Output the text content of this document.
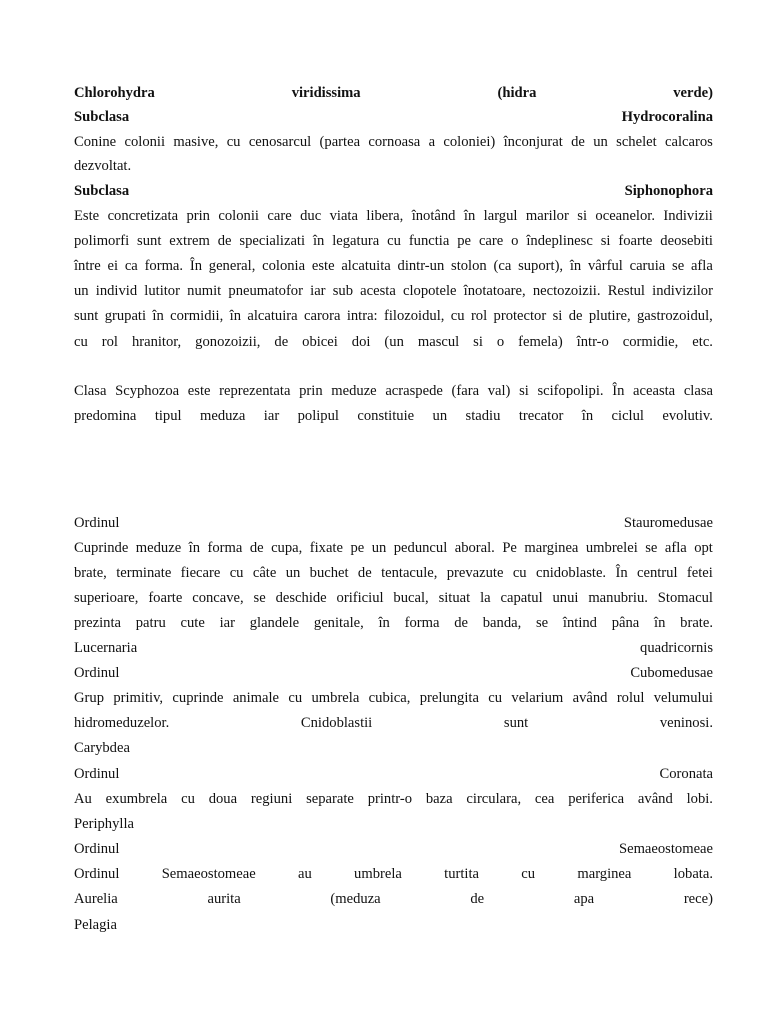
Chlorohydra	viridissima	(hidra	verde)
Subclasa	Hydrocoralina
Conine colonii masive, cu cenosarcul (partea cornoasa a coloniei) înconjurat de un schelet calcaros
dezvoltat.
Subclasa	Siphonophora
Este concretizata prin colonii care duc viata libera, înotând în largul marilor si oceanelor. Indivizii
polimorfi sunt extrem de specializati în legatura cu functia pe care o îndeplinesc si foarte deosebiti
între ei ca forma. În general, colonia este alcatuita dintr-un stolon (ca suport), în vârful caruia se afla
un individ lutitor numit pneumatofor iar sub acesta clopotele înotatoare, nectozoizii. Restul indivizilor
sunt grupati în cormidii, în alcatuira carora intra: filozoidul, cu rol protector si de plutire, gastrozoidul,
cu rol hranitor, gonozoizii, de obicei doi (un mascul si o femela) într-o cormidie, etc.
Clasa Scyphozoa este reprezentata prin meduze acraspede (fara val) si scifopolipi. În aceasta clasa
predomina tipul meduza iar polipul constituie un stadiu trecator în ciclul evolutiv.
Ordinul	Stauromedusae
Cuprinde meduze în forma de cupa, fixate pe un peduncul aboral. Pe marginea umbrelei se afla opt
brate, terminate fiecare cu câte un buchet de tentacule, prevazute cu cnidoblaste. În centrul fetei
superioare, foarte concave, se deschide orificiul bucal, situat la capatul unui manubriu. Stomacul
prezinta patru cute iar glandele genitale, în forma de banda, se întind pâna în brate.
Lucernaria	quadricornis
Ordinul	Cubomedusae
Grup primitiv, cuprinde animale cu umbrela cubica, prelungita cu velarium având rolul velumului
hidromeduzelor.	Cnidoblastii	sunt	veninosi.
Carybdea
Ordinul	Coronata
Au exumbrela cu doua regiuni separate printr-o baza circulara, cea periferica având lobi.
Periphylla
Ordinul	Semaeostomeae
Ordinul	Semaeostomeae	au	umbrela	turtita	cu	marginea	lobata.
Aurelia	aurita	(meduza	de	apa	rece)
Pelagia
